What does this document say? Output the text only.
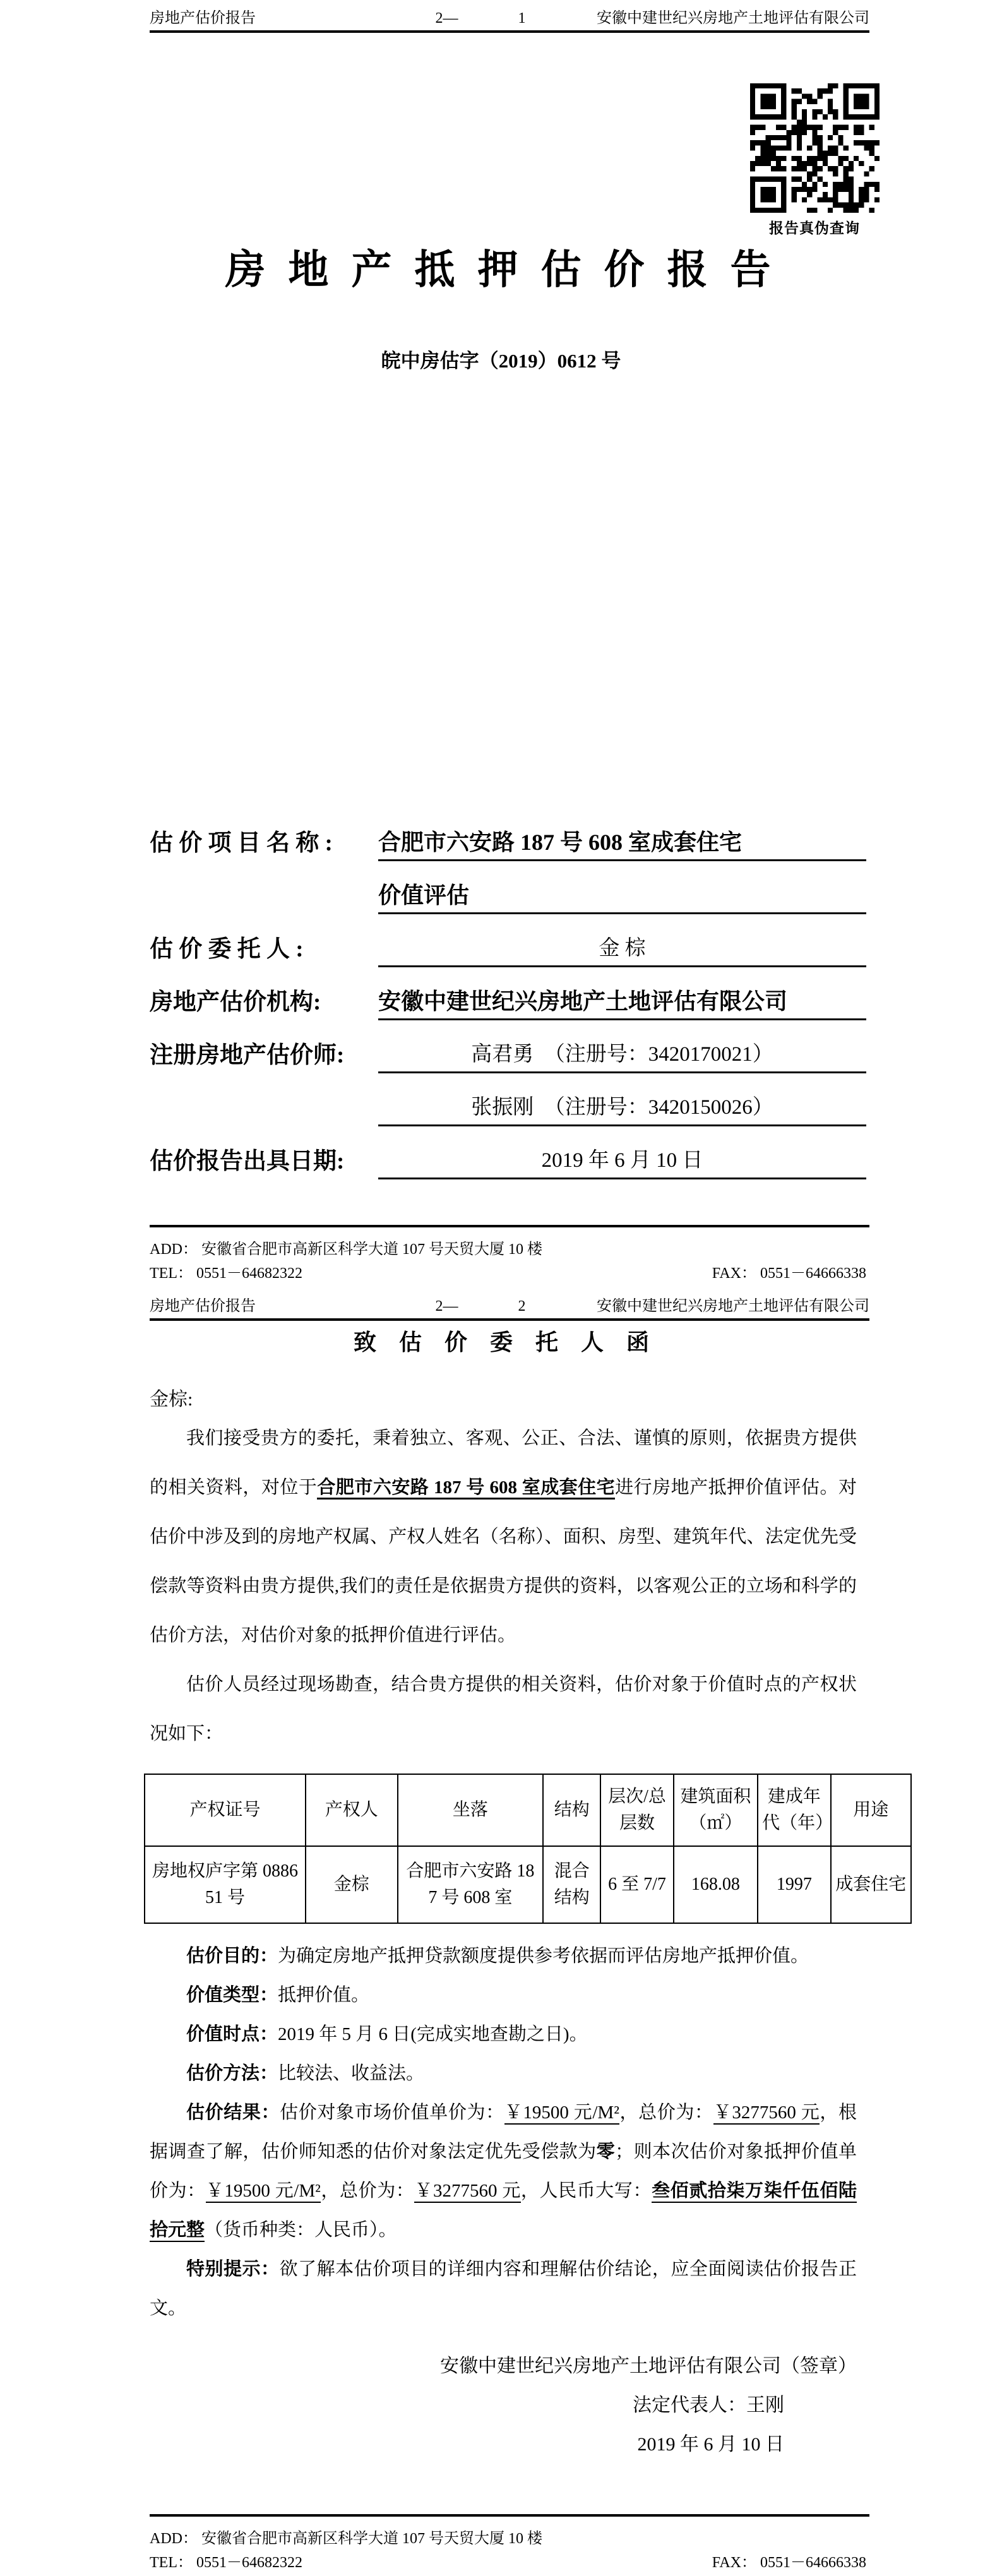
房地产估价报告	2—	1	安徽中建世纪兴房地产土地评估有限公司
报告真伪查询
房 地 产 抵 押 估 价 报 告
皖中房估字（2019）0612 号
估 价 项 目 名 称 :	合肥市六安路 187 号 608 室成套住宅
价值评估
估 价 委 托 人 :	金 棕
房地产估价机构:	安徽中建世纪兴房地产土地评估有限公司
注册房地产估价师:	高君勇　（注册号：3420170021）
张振刚　（注册号：3420150026）
估价报告出具日期:	2019 年 6 月 10 日
ADD： 安徽省合肥市高新区科学大道 107 号天贸大厦 10 楼
TEL： 0551－64682322	FAX： 0551－64666338
房地产估价报告	2—	2	安徽中建世纪兴房地产土地评估有限公司
致  估  价  委  托  人  函
金棕:

我们接受贵方的委托，秉着独立、客观、公正、合法、谨慎的原则，依据贵方提供的相关资料，对位于合肥市六安路 187 号 608 室成套住宅进行房地产抵押价值评估。对估价中涉及到的房地产权属、产权人姓名（名称）、面积、房型、建筑年代、法定优先受偿款等资料由贵方提供,我们的责任是依据贵方提供的资料，以客观公正的立场和科学的估价方法，对估价对象的抵押价值进行评估。

估价人员经过现场勘查，结合贵方提供的相关资料，估价对象于价值时点的产权状况如下：

产权证号	产权人	坐落	结构	层次/总层数	建筑面积（㎡）	建成年代（年）	用途
房地权庐字第 088651 号	金棕	合肥市六安路 187 号 608 室	混合结构	6 至 7/7	168.08	1997	成套住宅

估价目的：为确定房地产抵押贷款额度提供参考依据而评估房地产抵押价值。

价值类型：抵押价值。

价值时点：2019 年 5 月 6 日(完成实地查勘之日)。

估价方法：比较法、收益法。

估价结果：估价对象市场价值单价为：￥19500 元/M²，总价为：￥3277560 元，根据调查了解，估价师知悉的估价对象法定优先受偿款为零；则本次估价对象抵押价值单价为：￥19500 元/M²，总价为：￥3277560 元，人民币大写：叁佰贰拾柒万柒仟伍佰陆拾元整（货币种类：人民币）。

特别提示：欲了解本估价项目的详细内容和理解估价结论，应全面阅读估价报告正文。

安徽中建世纪兴房地产土地评估有限公司（签章）
法定代表人：王刚
2019 年 6 月 10 日
ADD： 安徽省合肥市高新区科学大道 107 号天贸大厦 10 楼
TEL： 0551－64682322	FAX： 0551－64666338
